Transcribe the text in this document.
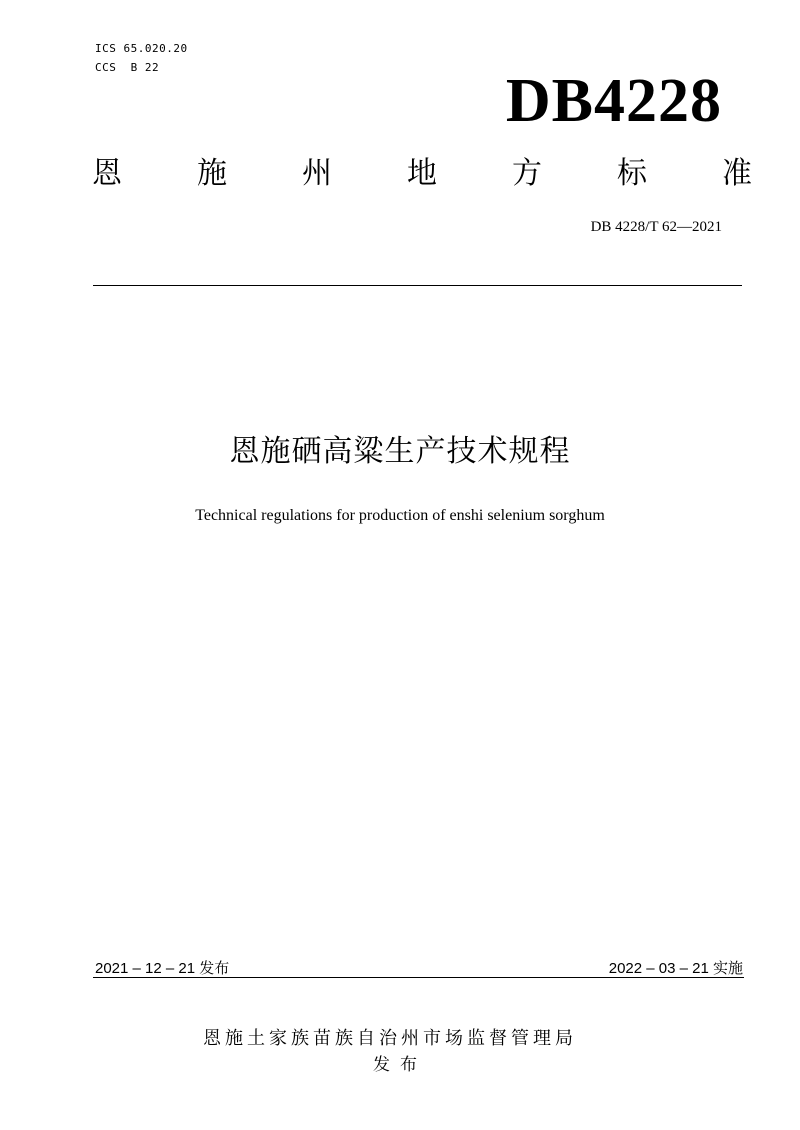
ICS 65.020.20
CCS  B 22	DB4228
恩	施	州	地	方	标	准
DB 4228/T 62—2021
恩施硒高粱生产技术规程
Technical regulations for production of enshi selenium sorghum
2021 – 12 – 21 发布	2022 – 03 – 21 实施
恩施土家族苗族自治州市场监督管理局
发布
